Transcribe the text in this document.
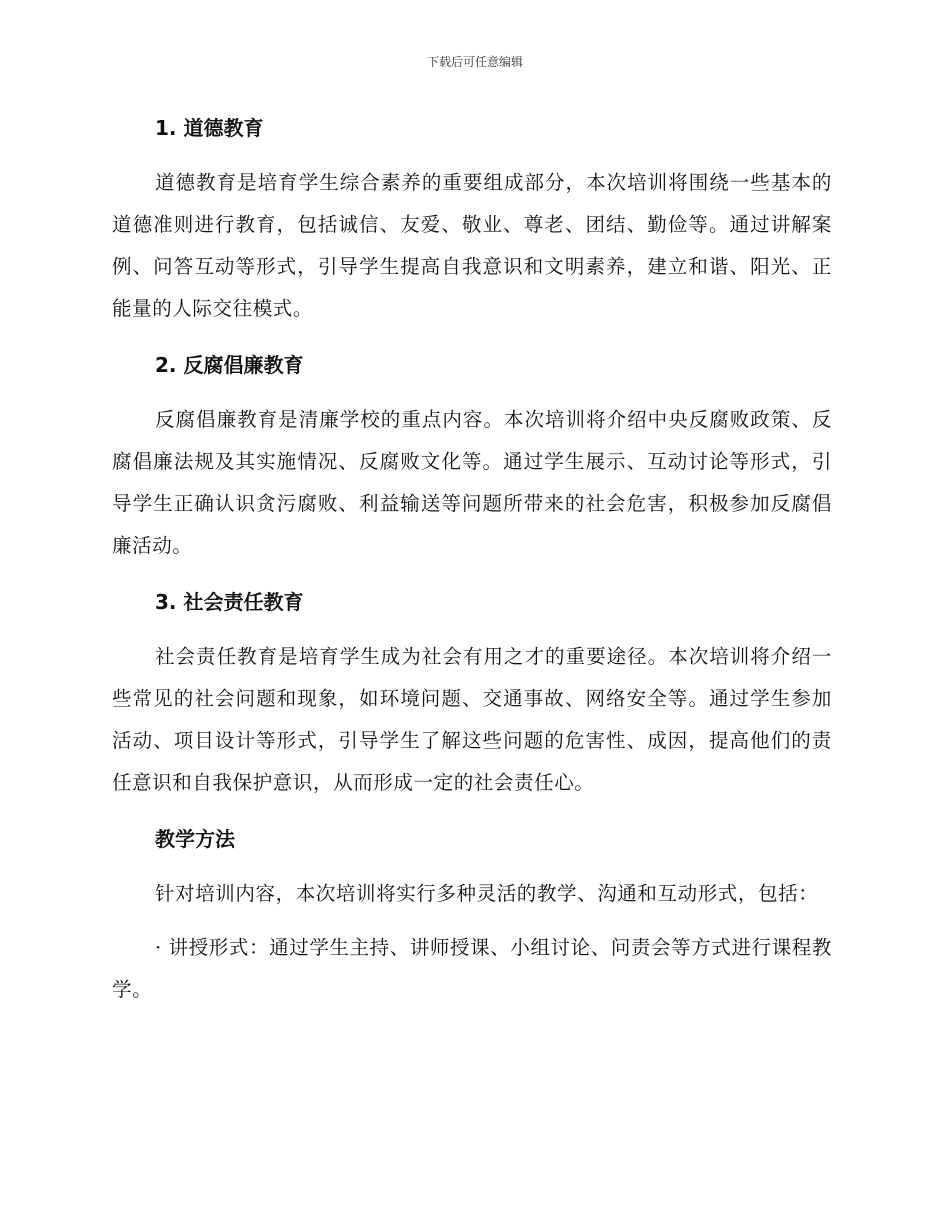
下载后可任意编辑
1. 道德教育

道德教育是培育学生综合素养的重要组成部分，本次培训将围绕一些基本的道德准则进行教育，包括诚信、友爱、敬业、尊老、团结、勤俭等。通过讲解案例、问答互动等形式，引导学生提高自我意识和文明素养，建立和谐、阳光、正能量的人际交往模式。

2. 反腐倡廉教育

反腐倡廉教育是清廉学校的重点内容。本次培训将介绍中央反腐败政策、反腐倡廉法规及其实施情况、反腐败文化等。通过学生展示、互动讨论等形式，引导学生正确认识贪污腐败、利益输送等问题所带来的社会危害，积极参加反腐倡廉活动。

3. 社会责任教育

社会责任教育是培育学生成为社会有用之才的重要途径。本次培训将介绍一些常见的社会问题和现象，如环境问题、交通事故、网络安全等。通过学生参加活动、项目设计等形式，引导学生了解这些问题的危害性、成因，提高他们的责任意识和自我保护意识，从而形成一定的社会责任心。

教学方法

针对培训内容，本次培训将实行多种灵活的教学、沟通和互动形式，包括：

· 讲授形式：通过学生主持、讲师授课、小组讨论、问责会等方式进行课程教学。
